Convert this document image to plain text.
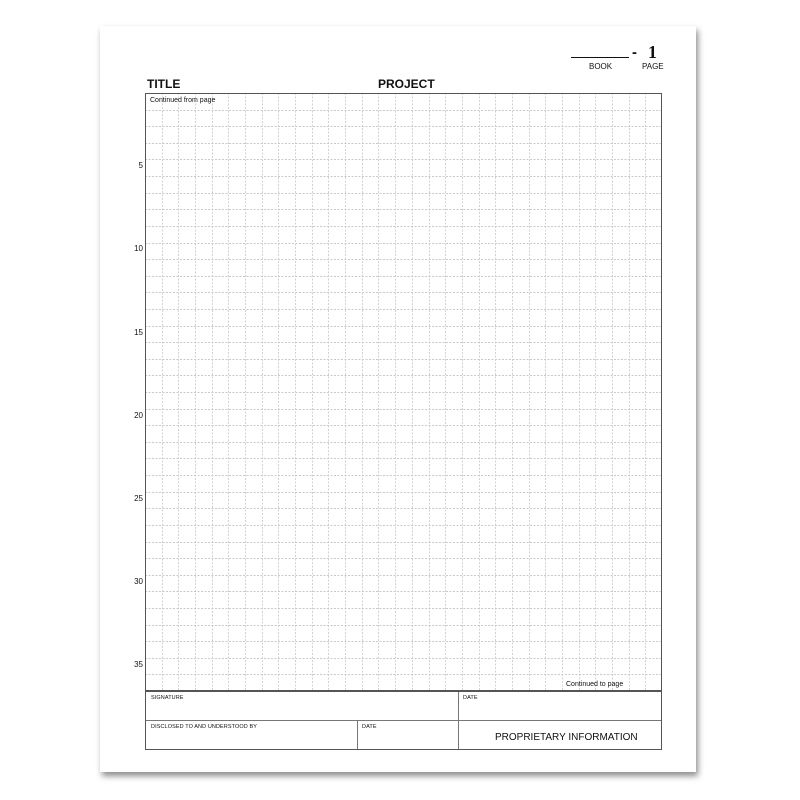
- 1
BOOK	PAGE
TITLE	PROJECT
Continued from page
Continued to page
5
10
15
20
25
30
35
SIGNATURE	DATE
DISCLOSED TO AND UNDERSTOOD BY	DATE
PROPRIETARY INFORMATION
